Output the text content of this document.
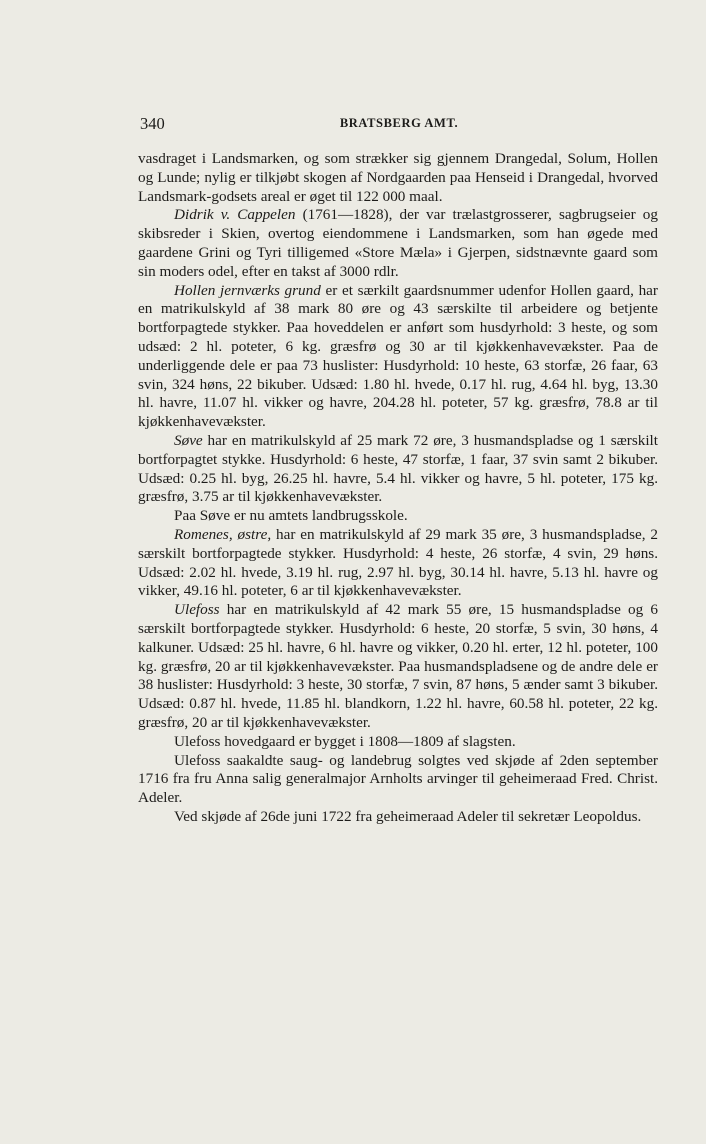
340	BRATSBERG AMT.

vasdraget i Landsmarken, og som strækker sig gjennem Drangedal, Solum, Hollen og Lunde; nylig er tilkjøbt skogen af Nordgaarden paa Henseid i Drangedal, hvorved Landsmark-godsets areal er øget til 122 000 maal.

Didrik v. Cappelen (1761—1828), der var trælastgrosserer, sagbrugseier og skibsreder i Skien, overtog eiendommene i Landsmarken, som han øgede med gaardene Grini og Tyri tilligemed «Store Mæla» i Gjerpen, sidstnævnte gaard som sin moders odel, efter en takst af 3000 rdlr.

Hollen jernværks grund er et særkilt gaardsnummer udenfor Hollen gaard, har en matrikulskyld af 38 mark 80 øre og 43 særskilte til arbeidere og betjente bortforpagtede stykker. Paa hoveddelen er anført som husdyrhold: 3 heste, og som udsæd: 2 hl. poteter, 6 kg. græsfrø og 30 ar til kjøkkenhavevækster. Paa de underliggende dele er paa 73 huslister: Husdyrhold: 10 heste, 63 storfæ, 26 faar, 63 svin, 324 høns, 22 bikuber. Udsæd: 1.80 hl. hvede, 0.17 hl. rug, 4.64 hl. byg, 13.30 hl. havre, 11.07 hl. vikker og havre, 204.28 hl. poteter, 57 kg. græsfrø, 78.8 ar til kjøkkenhavevækster.

Søve har en matrikulskyld af 25 mark 72 øre, 3 husmandspladse og 1 særskilt bortforpagtet stykke. Husdyrhold: 6 heste, 47 storfæ, 1 faar, 37 svin samt 2 bikuber. Udsæd: 0.25 hl. byg, 26.25 hl. havre, 5.4 hl. vikker og havre, 5 hl. poteter, 175 kg. græsfrø, 3.75 ar til kjøkkenhavevækster.

Paa Søve er nu amtets landbrugsskole.

Romenes, østre, har en matrikulskyld af 29 mark 35 øre, 3 husmandspladse, 2 særskilt bortforpagtede stykker. Husdyrhold: 4 heste, 26 storfæ, 4 svin, 29 høns. Udsæd: 2.02 hl. hvede, 3.19 hl. rug, 2.97 hl. byg, 30.14 hl. havre, 5.13 hl. havre og vikker, 49.16 hl. poteter, 6 ar til kjøkkenhavevækster.

Ulefoss har en matrikulskyld af 42 mark 55 øre, 15 husmandspladse og 6 særskilt bortforpagtede stykker. Husdyrhold: 6 heste, 20 storfæ, 5 svin, 30 høns, 4 kalkuner. Udsæd: 25 hl. havre, 6 hl. havre og vikker, 0.20 hl. erter, 12 hl. poteter, 100 kg. græsfrø, 20 ar til kjøkkenhavevækster. Paa husmandspladsene og de andre dele er 38 huslister: Husdyrhold: 3 heste, 30 storfæ, 7 svin, 87 høns, 5 ænder samt 3 bikuber. Udsæd: 0.87 hl. hvede, 11.85 hl. blandkorn, 1.22 hl. havre, 60.58 hl. poteter, 22 kg. græsfrø, 20 ar til kjøkkenhavevækster.

Ulefoss hovedgaard er bygget i 1808—1809 af slagsten.

Ulefoss saakaldte saug- og landebrug solgtes ved skjøde af 2den september 1716 fra fru Anna salig generalmajor Arnholts arvinger til geheimeraad Fred. Christ. Adeler.

Ved skjøde af 26de juni 1722 fra geheimeraad Adeler til sekretær Leopoldus.
